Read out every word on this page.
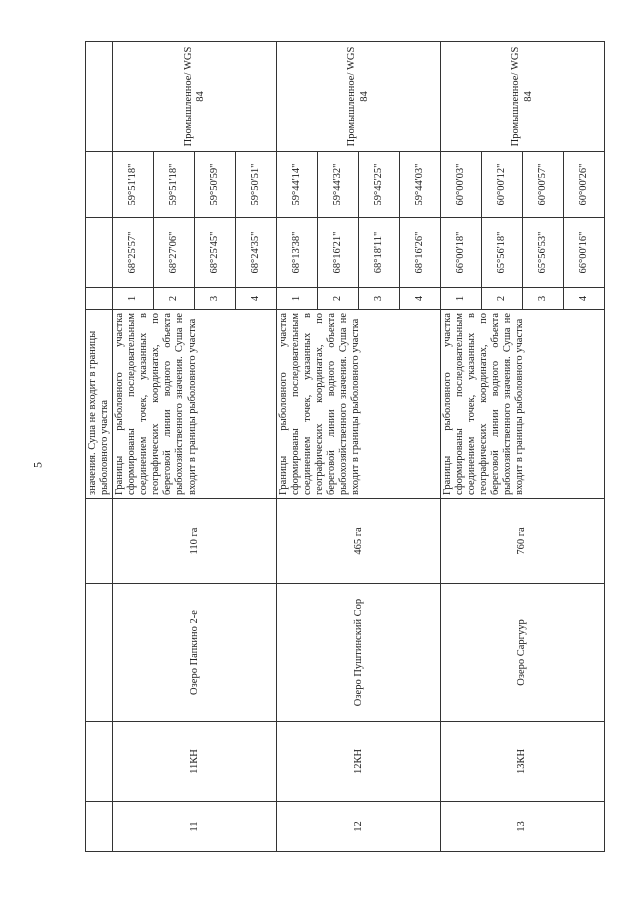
5
					значения. Суша не входит в границы рыболовного участка				
11	11КН	Озеро Папкино 2-е	110 га	Границы рыболовного участка сформированы последовательным соединением точек, указанных в географических координатах, по береговой линии водного объекта рыбохозяйственного значения. Суша не входит в границы рыболовного участка	1	68°25'57"	59°51'18"	Промышленное/ WGS 84
					2	68°27'06"	59°51'18"	
					3	68°25'45"	59°50'59"	
					4	68°24'35"	59°50'51"	
12	12КН	Озеро Пуштинский Сор	465 га	Границы рыболовного участка сформированы последовательным соединением точек, указанных в географических координатах, по береговой линии водного объекта рыбохозяйственного значения. Суша не входит в границы рыболовного участка	1	68°13'38"	59°44'14"	Промышленное/ WGS 84
					2	68°16'21"	59°44'32"	
					3	68°18'11"	59°45'25"	
					4	68°16'26"	59°44'03"	
13	13КН	Озеро Саргуур	760 га	Границы рыболовного участка сформированы последовательным соединением точек, указанных в географических координатах, по береговой линии водного объекта рыбохозяйственного значения. Суша не входит в границы рыболовного участка	1	66°00'18"	60°00'03"	Промышленное/ WGS 84
					2	65°56'18"	60°00'12"	
					3	65°56'53"	60°00'57"	
					4	66°00'16"	60°00'26"	
